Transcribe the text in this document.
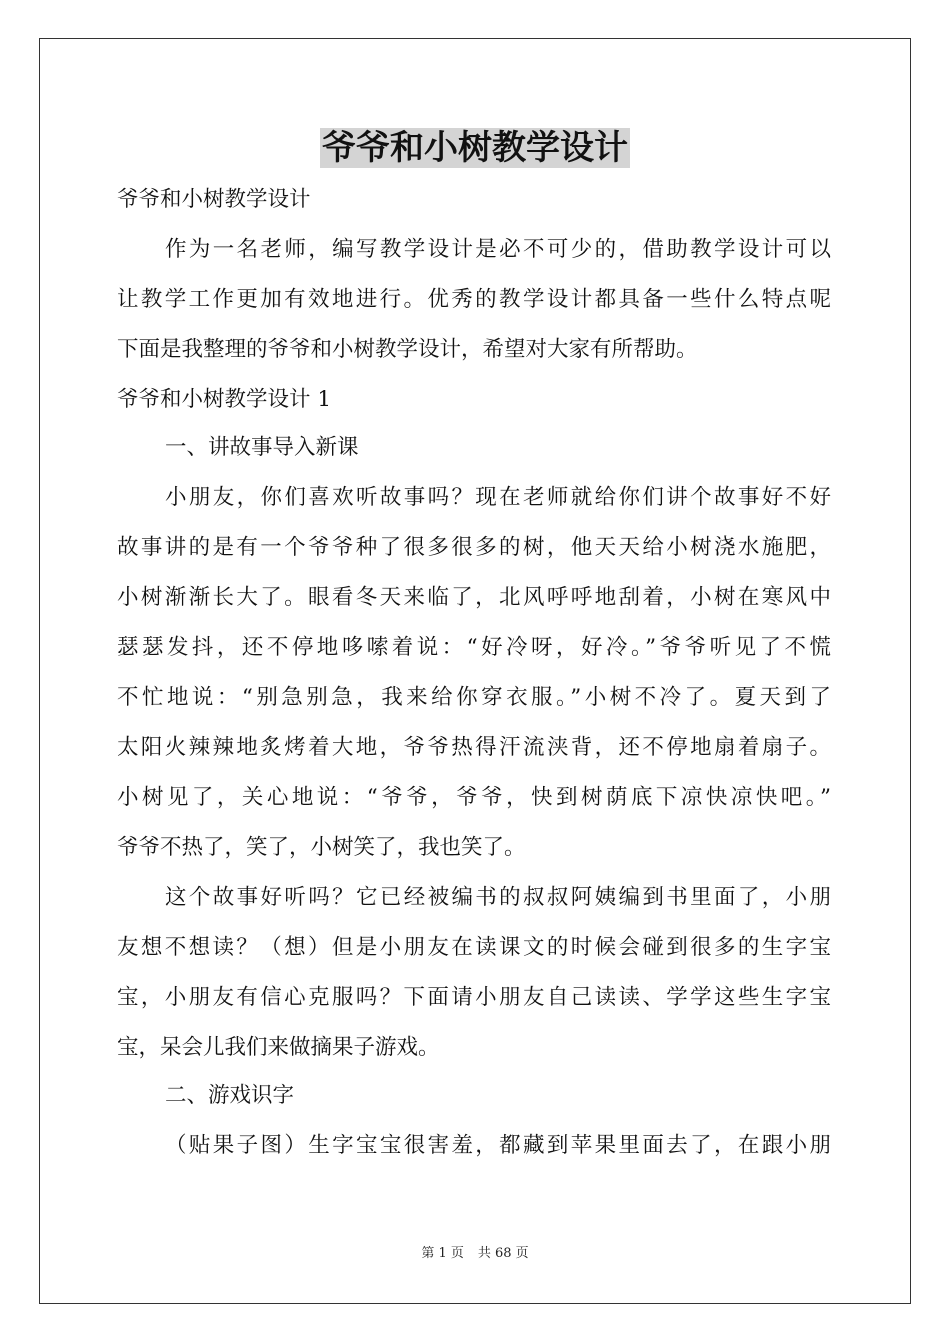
爷爷和小树教学设计
爷爷和小树教学设计
作为一名老师，编写教学设计是必不可少的，借助教学设计可以
让教学工作更加有效地进行。优秀的教学设计都具备一些什么特点呢
下面是我整理的爷爷和小树教学设计，希望对大家有所帮助。
爷爷和小树教学设计 1
一、讲故事导入新课
小朋友，你们喜欢听故事吗？现在老师就给你们讲个故事好不好
故事讲的是有一个爷爷种了很多很多的树，他天天给小树浇水施肥，
小树渐渐长大了。眼看冬天来临了，北风呼呼地刮着，小树在寒风中
瑟瑟发抖，还不停地哆嗦着说：“好冷呀，好冷。”爷爷听见了不慌
不忙地说：“别急别急，我来给你穿衣服。”小树不冷了。夏天到了
太阳火辣辣地炙烤着大地，爷爷热得汗流浃背，还不停地扇着扇子。
小树见了，关心地说：“爷爷，爷爷，快到树荫底下凉快凉快吧。”
爷爷不热了，笑了，小树笑了，我也笑了。
这个故事好听吗？它已经被编书的叔叔阿姨编到书里面了，小朋
友想不想读？（想）但是小朋友在读课文的时候会碰到很多的生字宝
宝，小朋友有信心克服吗？下面请小朋友自己读读、学学这些生字宝
宝，呆会儿我们来做摘果子游戏。
二、游戏识字
（贴果子图）生字宝宝很害羞，都藏到苹果里面去了，在跟小朋
第 1 页 共 68 页
